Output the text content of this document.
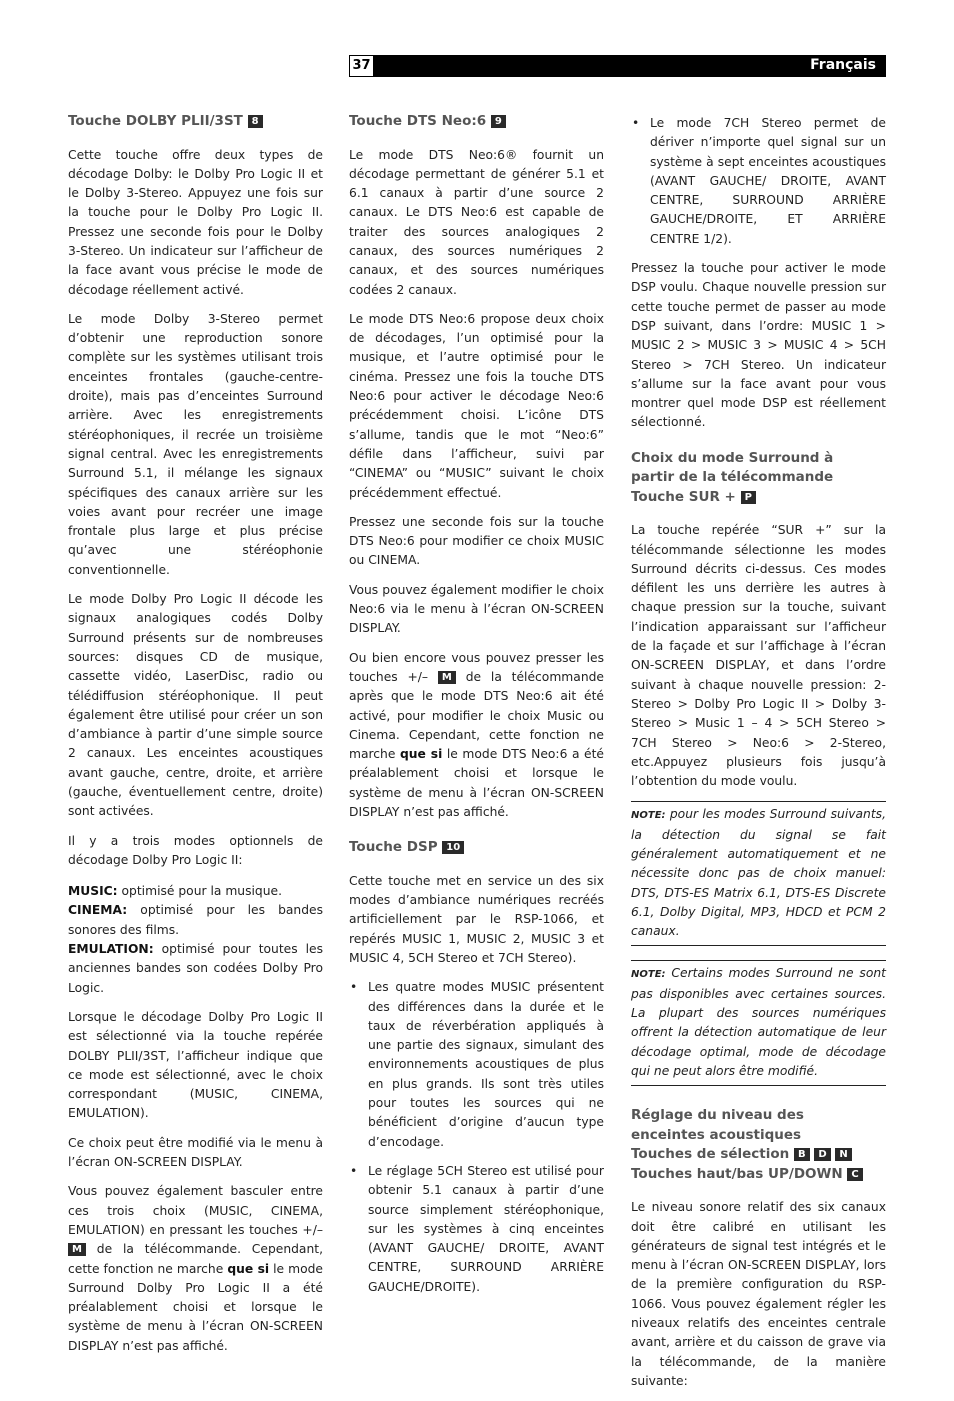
37	Français
Touche DOLBY PLII/3ST 8

Cette touche offre deux types de décodage Dolby: le Dolby Pro Logic II et le Dolby 3-Stereo. Appuyez une fois sur la touche pour le Dolby Pro Logic II. Pressez une seconde fois pour le Dolby 3-Stereo. Un indicateur sur l’afficheur de la face avant vous précise le mode de décodage réellement activé.

Le mode Dolby 3-Stereo permet d’obtenir une reproduction sonore complète sur les systèmes utilisant trois enceintes frontales (gauche-centre-droite), mais pas d’enceintes Surround arrière. Avec les enregistrements stéréophoniques, il recrée un troisième signal central. Avec les enregistrements Surround 5.1, il mélange les signaux spécifiques des canaux arrière sur les voies avant pour recréer une image frontale plus large et plus précise qu’avec une stéréophonie conventionnelle.

Le mode Dolby Pro Logic II décode les signaux analogiques codés Dolby Surround présents sur de nombreuses sources: disques CD de musique, cassette vidéo, LaserDisc, radio ou télédiffusion stéréophonique. Il peut également être utilisé pour créer un son d’ambiance à partir d’une simple source 2 canaux. Les enceintes acoustiques avant gauche, centre, droite, et arrière (gauche, éventuellement centre, droite) sont activées.

Il y a trois modes optionnels de décodage Dolby Pro Logic II:

MUSIC: optimisé pour la musique.

CINEMA: optimisé pour les bandes sonores des films.

EMULATION: optimisé pour toutes les anciennes bandes son codées Dolby Pro Logic.

Lorsque le décodage Dolby Pro Logic II est sélectionné via la touche repérée DOLBY PLII/3ST, l’afficheur indique que ce mode est sélectionné, avec le choix correspondant (MUSIC, CINEMA, EMULATION).

Ce choix peut être modifié via le menu à l’écran ON-SCREEN DISPLAY.

Vous pouvez également basculer entre ces trois choix (MUSIC, CINEMA, EMULATION) en pressant les touches +/– M de la télécommande. Cependant, cette fonction ne marche que si le mode Surround Dolby Pro Logic II a été préalablement choisi et lorsque le système de menu à l’écran ON-SCREEN DISPLAY n’est pas affiché.

Touche DTS Neo:6 9

Le mode DTS Neo:6® fournit un décodage permettant de générer 5.1 et 6.1 canaux à partir d’une source 2 canaux. Le DTS Neo:6 est capable de traiter des sources analogiques 2 canaux, des sources numériques 2 canaux, et des sources numériques codées 2 canaux.

Le mode DTS Neo:6 propose deux choix de décodages, l’un optimisé pour la musique, et l’autre optimisé pour le cinéma. Pressez une fois la touche DTS Neo:6 pour activer le décodage Neo:6 précédemment choisi. L’icône DTS s’allume, tandis que le mot “Neo:6” défile dans l’afficheur, suivi par “CINEMA” ou “MUSIC” suivant le choix précédemment effectué.

Pressez une seconde fois sur la touche DTS Neo:6 pour modifier ce choix MUSIC ou CINEMA.

Vous pouvez également modifier le choix Neo:6 via le menu à l’écran ON-SCREEN DISPLAY.

Ou bien encore vous pouvez presser les touches +/– M de la télécommande après que le mode DTS Neo:6 ait été activé, pour modifier le choix Music ou Cinema. Cependant, cette fonction ne marche que si le mode DTS Neo:6 a été préalablement choisi et lorsque le système de menu à l’écran ON-SCREEN DISPLAY n’est pas affiché.

Touche DSP 10

Cette touche met en service un des six modes d’ambiance numériques recréés artificiellement par le RSP-1066, et repérés MUSIC 1, MUSIC 2, MUSIC 3 et MUSIC 4, 5CH Stereo et 7CH Stereo).

• Les quatre modes MUSIC présentent des différences dans la durée et le taux de réverbération appliqués à une partie des signaux, simulant des environnements acoustiques de plus en plus grands. Ils sont très utiles pour toutes les sources qui ne bénéficient d’origine d’aucun type d’encodage.
• Le réglage 5CH Stereo est utilisé pour obtenir 5.1 canaux à partir d’une source simplement stéréophonique, sur les systèmes à cinq enceintes (AVANT GAUCHE/ DROITE, AVANT CENTRE, SURROUND ARRIÈRE GAUCHE/DROITE).
• Le mode 7CH Stereo permet de dériver n’importe quel signal sur un système à sept enceintes acoustiques (AVANT GAUCHE/ DROITE, AVANT CENTRE, SURROUND ARRIÈRE GAUCHE/DROITE, ET ARRIÈRE CENTRE 1/2).

Pressez la touche pour activer le mode DSP voulu. Chaque nouvelle pression sur cette touche permet de passer au mode DSP suivant, dans l’ordre: MUSIC 1 > MUSIC 2 > MUSIC 3 > MUSIC 4 > 5CH Stereo > 7CH Stereo. Un indicateur s’allume sur la face avant pour vous montrer quel mode DSP est réellement sélectionné.

Choix du mode Surround à
partir de la télécommande
Touche SUR + P

La touche repérée “SUR +” sur la télécommande sélectionne les modes Surround décrits ci-dessus. Ces modes défilent les uns derrière les autres à chaque pression sur la touche, suivant l’indication apparaissant sur l’afficheur de la façade et sur l’affichage à l’écran ON-SCREEN DISPLAY, et dans l’ordre suivant à chaque nouvelle pression: 2-Stereo > Dolby Pro Logic II > Dolby 3-Stereo > Music 1 – 4 > 5CH Stereo > 7CH Stereo > Neo:6 > 2-Stereo, etc.Appuyez plusieurs fois jusqu’à l’obtention du mode voulu.

NOTE: pour les modes Surround suivants, la détection du signal se fait généralement automatiquement et ne nécessite donc pas de choix manuel: DTS, DTS-ES Matrix 6.1, DTS-ES Discrete 6.1, Dolby Digital, MP3, HDCD et PCM 2 canaux.
NOTE: Certains modes Surround ne sont pas disponibles avec certaines sources. La plupart des sources numériques offrent la détection automatique de leur décodage optimal, mode de décodage qui ne peut alors être modifié.
Réglage du niveau des
enceintes acoustiques
Touches de sélection B D N
Touches haut/bas UP/DOWN C

Le niveau sonore relatif des six canaux doit être calibré en utilisant les générateurs de signal test intégrés et le menu à l’écran ON-SCREEN DISPLAY, lors de la première configuration du RSP-1066. Vous pouvez également régler les niveaux relatifs des enceintes centrale avant, arrière et du caisson de grave via la télécommande, de la manière suivante:
